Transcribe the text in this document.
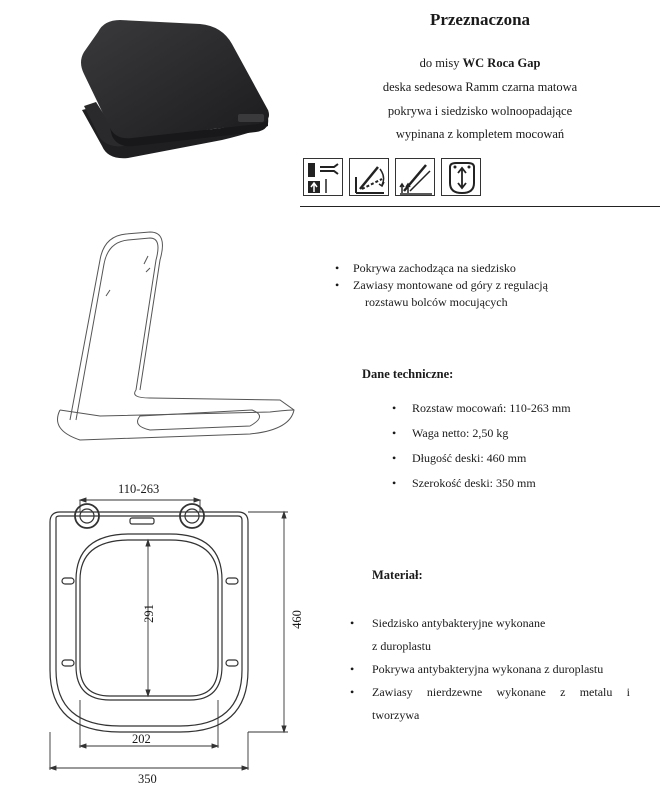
Przeznaczona
do misy WC Roca Gap
deska sedesowa Ramm czarna matowa
pokrywa i siedzisko wolnoopadające
wypinana z kompletem mocowań
• Pokrywa zachodząca na siedzisko
• Zawiasy montowane od góry z regulacją
rozstawu bolców mocujących
Dane techniczne:
• Rozstaw mocowań: 110-263 mm
• Waga netto: 2,50 kg
• Długość deski: 460 mm
• Szerokość deski: 350 mm
Materiał:
• Siedzisko antybakteryjne wykonane
z duroplastu
• Pokrywa antybakteryjna wykonana z duroplastu
• Zawiasy nierdzewne wykonane z metalu i
tworzywa
110-263
291
202
350
460
